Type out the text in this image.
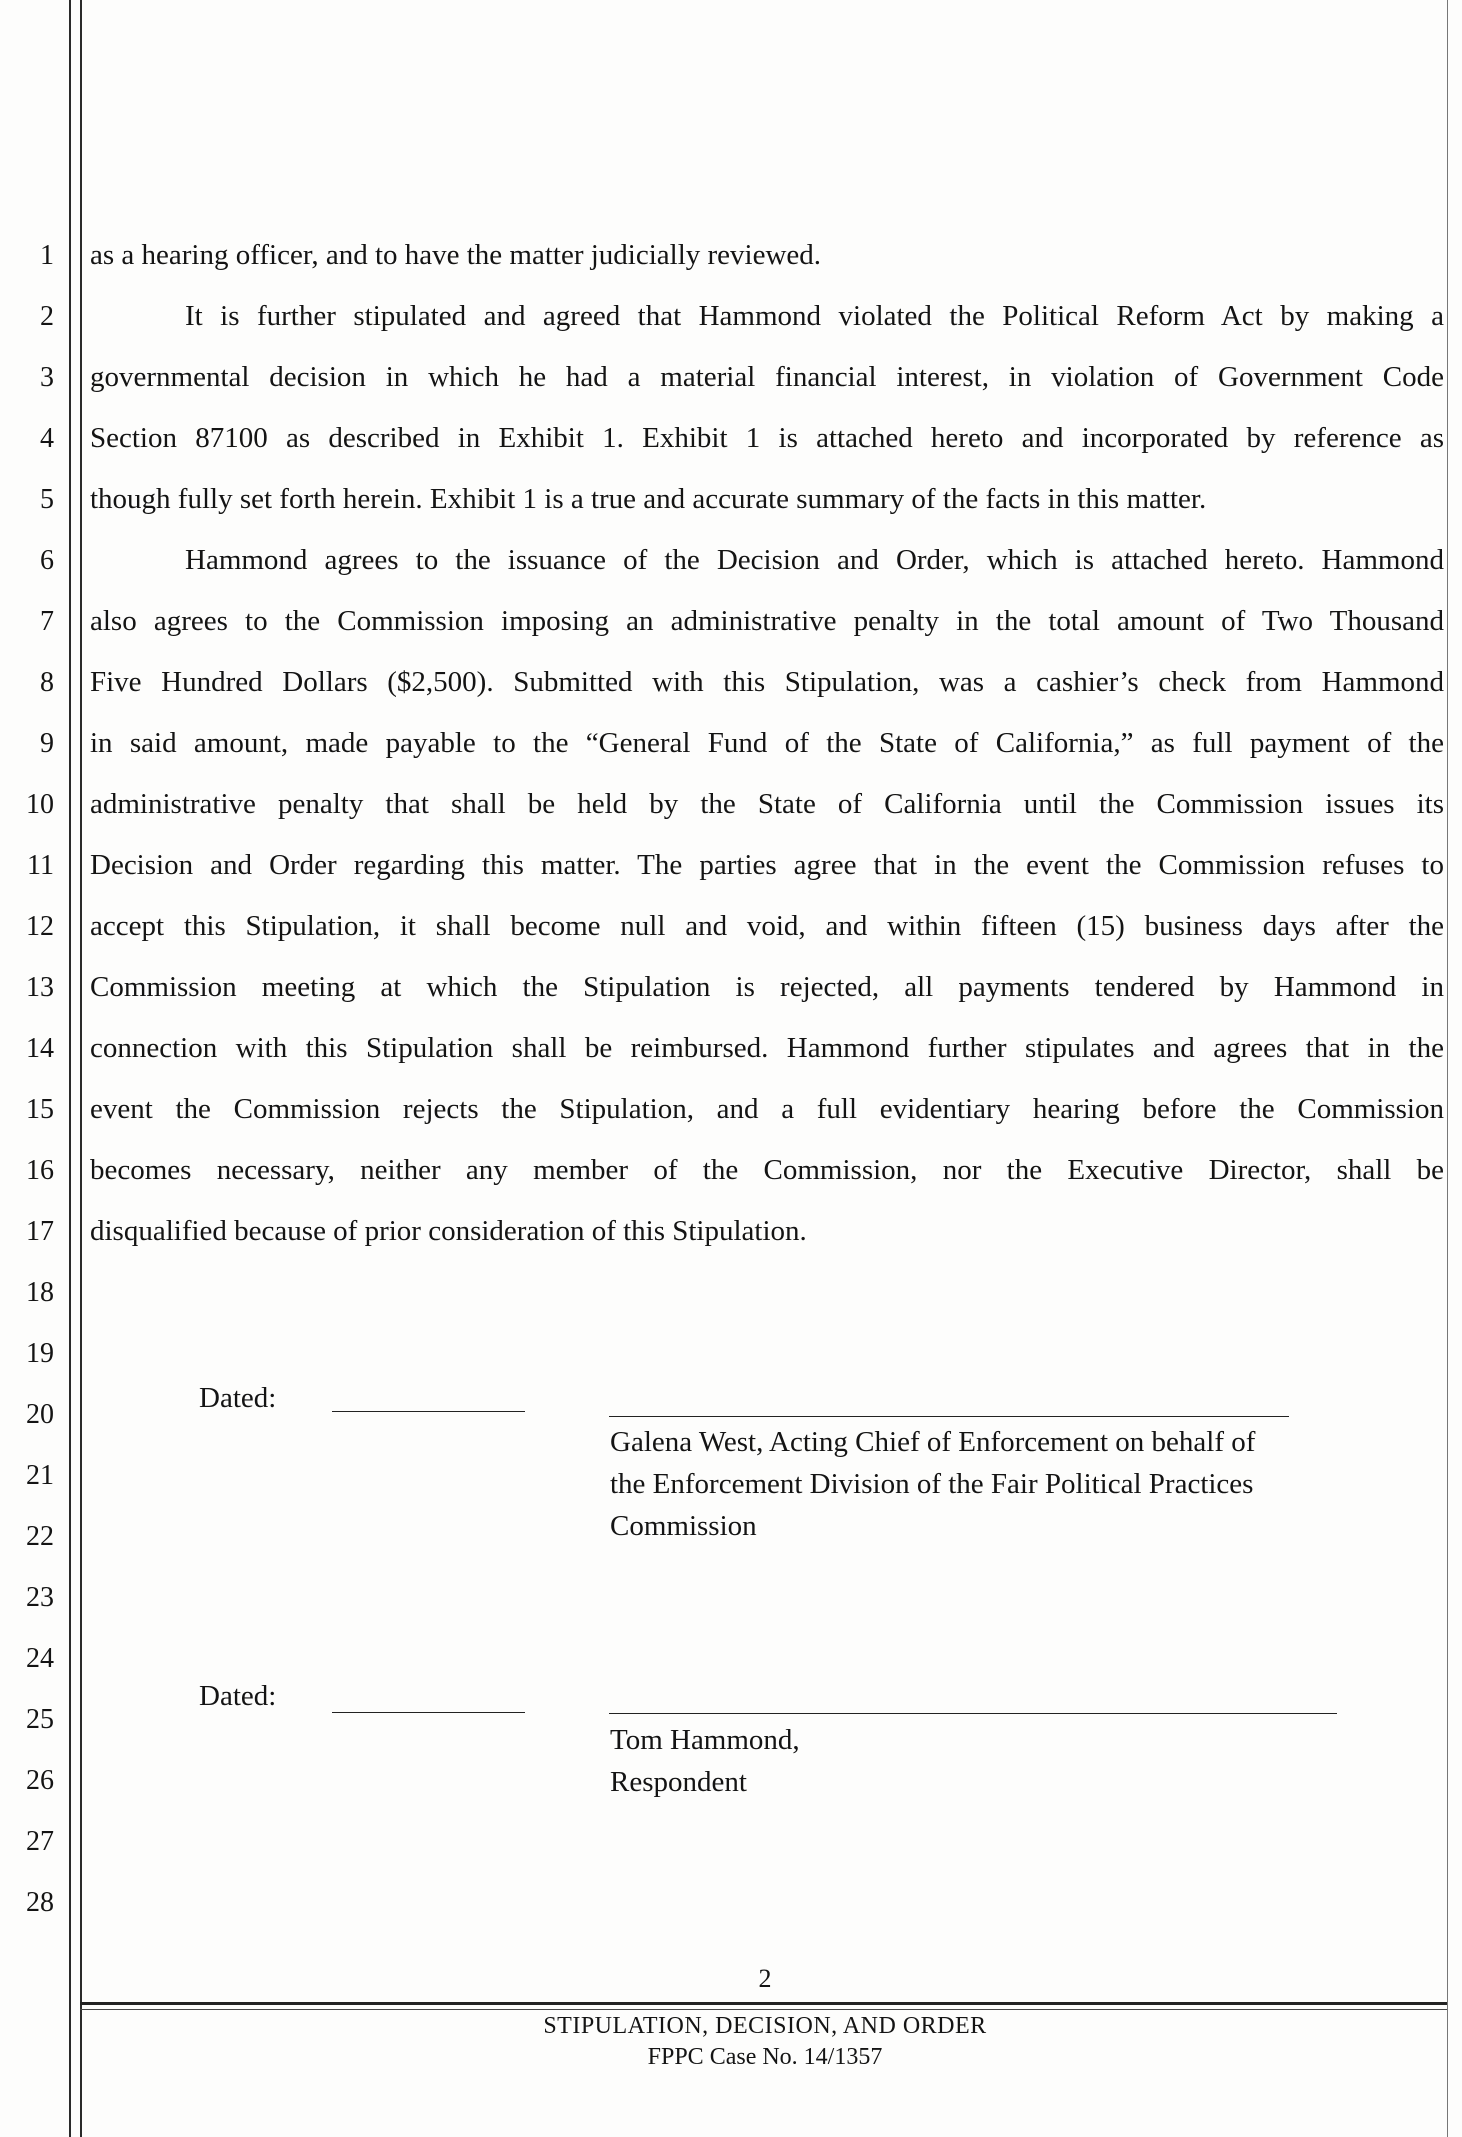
1
2
3
4
5
6
7
8
9
10
11
12
13
14
15
16
17
18
19
20
21
22
23
24
25
26
27
28
as a hearing officer, and to have the matter judicially reviewed.
It is further stipulated and agreed that Hammond violated the Political Reform Act by making a
governmental decision in which he had a material financial interest, in violation of Government Code
Section 87100 as described in Exhibit 1. Exhibit 1 is attached hereto and incorporated by reference as
though fully set forth herein. Exhibit 1 is a true and accurate summary of the facts in this matter.
Hammond agrees to the issuance of the Decision and Order, which is attached hereto. Hammond
also agrees to the Commission imposing an administrative penalty in the total amount of Two Thousand
Five Hundred Dollars ($2,500). Submitted with this Stipulation, was a cashier’s check from Hammond
in said amount, made payable to the “General Fund of the State of California,” as full payment of the
administrative penalty that shall be held by the State of California until the Commission issues its
Decision and Order regarding this matter. The parties agree that in the event the Commission refuses to
accept this Stipulation, it shall become null and void, and within fifteen (15) business days after the
Commission meeting at which the Stipulation is rejected, all payments tendered by Hammond in
connection with this Stipulation shall be reimbursed. Hammond further stipulates and agrees that in the
event the Commission rejects the Stipulation, and a full evidentiary hearing before the Commission
becomes necessary, neither any member of the Commission, nor the Executive Director, shall be
disqualified because of prior consideration of this Stipulation.
Dated:
Galena West, Acting Chief of Enforcement on behalf of
the Enforcement Division of the Fair Political Practices
Commission
Dated:
Tom Hammond,
Respondent
2
STIPULATION, DECISION, AND ORDER
FPPC Case No. 14/1357
